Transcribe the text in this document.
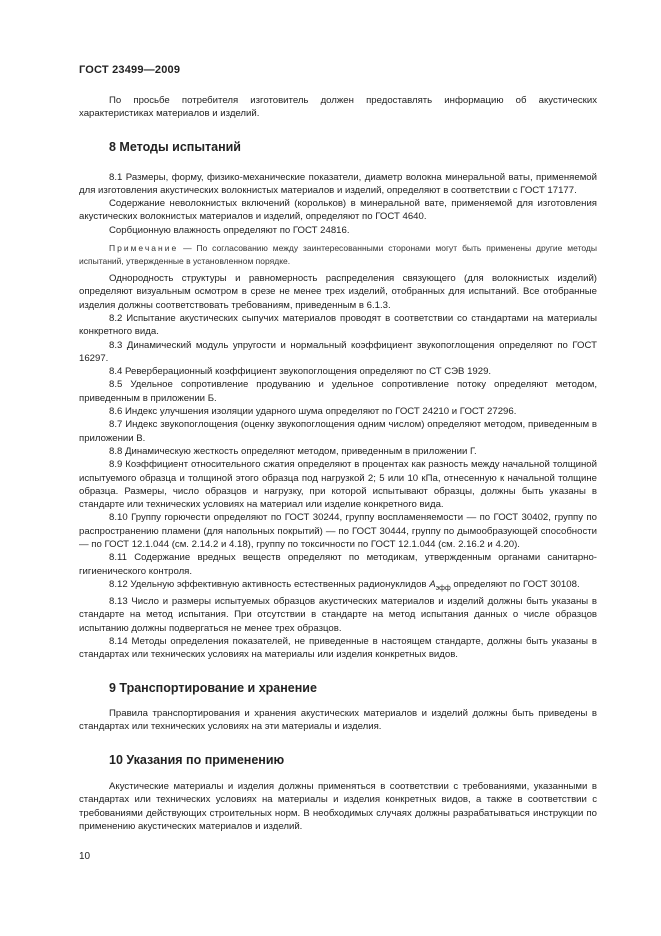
ГОСТ 23499—2009

По просьбе потребителя изготовитель должен предоставлять информацию об акустических характеристиках материалов и изделий.

8 Методы испытаний

8.1 Размеры, форму, физико-механические показатели, диаметр волокна минеральной ваты, применяемой для изготовления акустических волокнистых материалов и изделий, определяют в соответствии с ГОСТ 17177.

Содержание неволокнистых включений (корольков) в минеральной вате, применяемой для изготовления акустических волокнистых материалов и изделий, определяют по ГОСТ 4640.

Сорбционную влажность определяют по ГОСТ 24816.

Примечание — По согласованию между заинтересованными сторонами могут быть применены другие методы испытаний, утвержденные в установленном порядке.

Однородность структуры и равномерность распределения связующего (для волокнистых изделий) определяют визуальным осмотром в срезе не менее трех изделий, отобранных для испытаний. Все отобранные изделия должны соответствовать требованиям, приведенным в 6.1.3.

8.2 Испытание акустических сыпучих материалов проводят в соответствии со стандартами на материалы конкретного вида.

8.3 Динамический модуль упругости и нормальный коэффициент звукопоглощения определяют по ГОСТ 16297.

8.4 Реверберационный коэффициент звукопоглощения определяют по СТ СЭВ 1929.

8.5 Удельное сопротивление продуванию и удельное сопротивление потоку определяют методом, приведенным в приложении Б.

8.6 Индекс улучшения изоляции ударного шума определяют по ГОСТ 24210 и ГОСТ 27296.

8.7 Индекс звукопоглощения (оценку звукопоглощения одним числом) определяют методом, приведенным в приложении В.

8.8 Динамическую жесткость определяют методом, приведенным в приложении Г.

8.9 Коэффициент относительного сжатия определяют в процентах как разность между начальной толщиной испытуемого образца и толщиной этого образца под нагрузкой 2; 5 или 10 кПа, отнесенную к начальной толщине образца. Размеры, число образцов и нагрузку, при которой испытывают образцы, должны быть указаны в стандарте или технических условиях на материал или изделие конкретного вида.

8.10 Группу горючести определяют по ГОСТ 30244, группу воспламеняемости — по ГОСТ 30402, группу по распространению пламени (для напольных покрытий) — по ГОСТ 30444, группу по дымообразующей способности — по ГОСТ 12.1.044 (см. 2.14.2 и 4.18), группу по токсичности по ГОСТ 12.1.044 (см. 2.16.2 и 4.20).

8.11 Содержание вредных веществ определяют по методикам, утвержденным органами санитарно-гигиенического контроля.

8.12 Удельную эффективную активность естественных радионуклидов $A_{эфф}$ определяют по ГОСТ 30108.

8.13 Число и размеры испытуемых образцов акустических материалов и изделий должны быть указаны в стандарте на метод испытания. При отсутствии в стандарте на метод испытания данных о числе образцов испытанию должны подвергаться не менее трех образцов.

8.14 Методы определения показателей, не приведенные в настоящем стандарте, должны быть указаны в стандартах или технических условиях на материалы или изделия конкретных видов.

9 Транспортирование и хранение

Правила транспортирования и хранения акустических материалов и изделий должны быть приведены в стандартах или технических условиях на эти материалы и изделия.

10 Указания по применению

Акустические материалы и изделия должны применяться в соответствии с требованиями, указанными в стандартах или технических условиях на материалы и изделия конкретных видов, а также в соответствии с требованиями действующих строительных норм. В необходимых случаях должны разрабатываться инструкции по применению акустических материалов и изделий.

10
